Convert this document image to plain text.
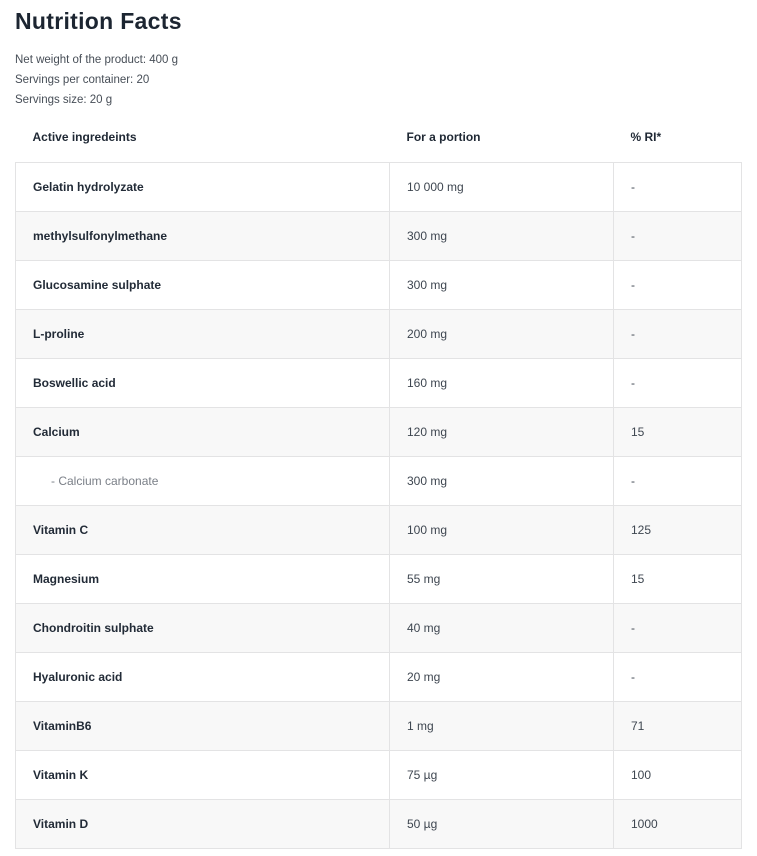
Nutrition Facts

Net weight of the product: 400 g

Servings per container: 20

Servings size: 20 g

Active ingredeints	For a portion	% RI*
Gelatin hydrolyzate	10 000 mg	-
methylsulfonylmethane	300 mg	-
Glucosamine sulphate	300 mg	-
L-proline	200 mg	-
Boswellic acid	160 mg	-
Calcium	120 mg	15
- Calcium carbonate	300 mg	-
Vitamin C	100 mg	125
Magnesium	55 mg	15
Chondroitin sulphate	40 mg	-
Hyaluronic acid	20 mg	-
VitaminB6	1 mg	71
Vitamin K	75 µg	100
Vitamin D	50 µg	1000
